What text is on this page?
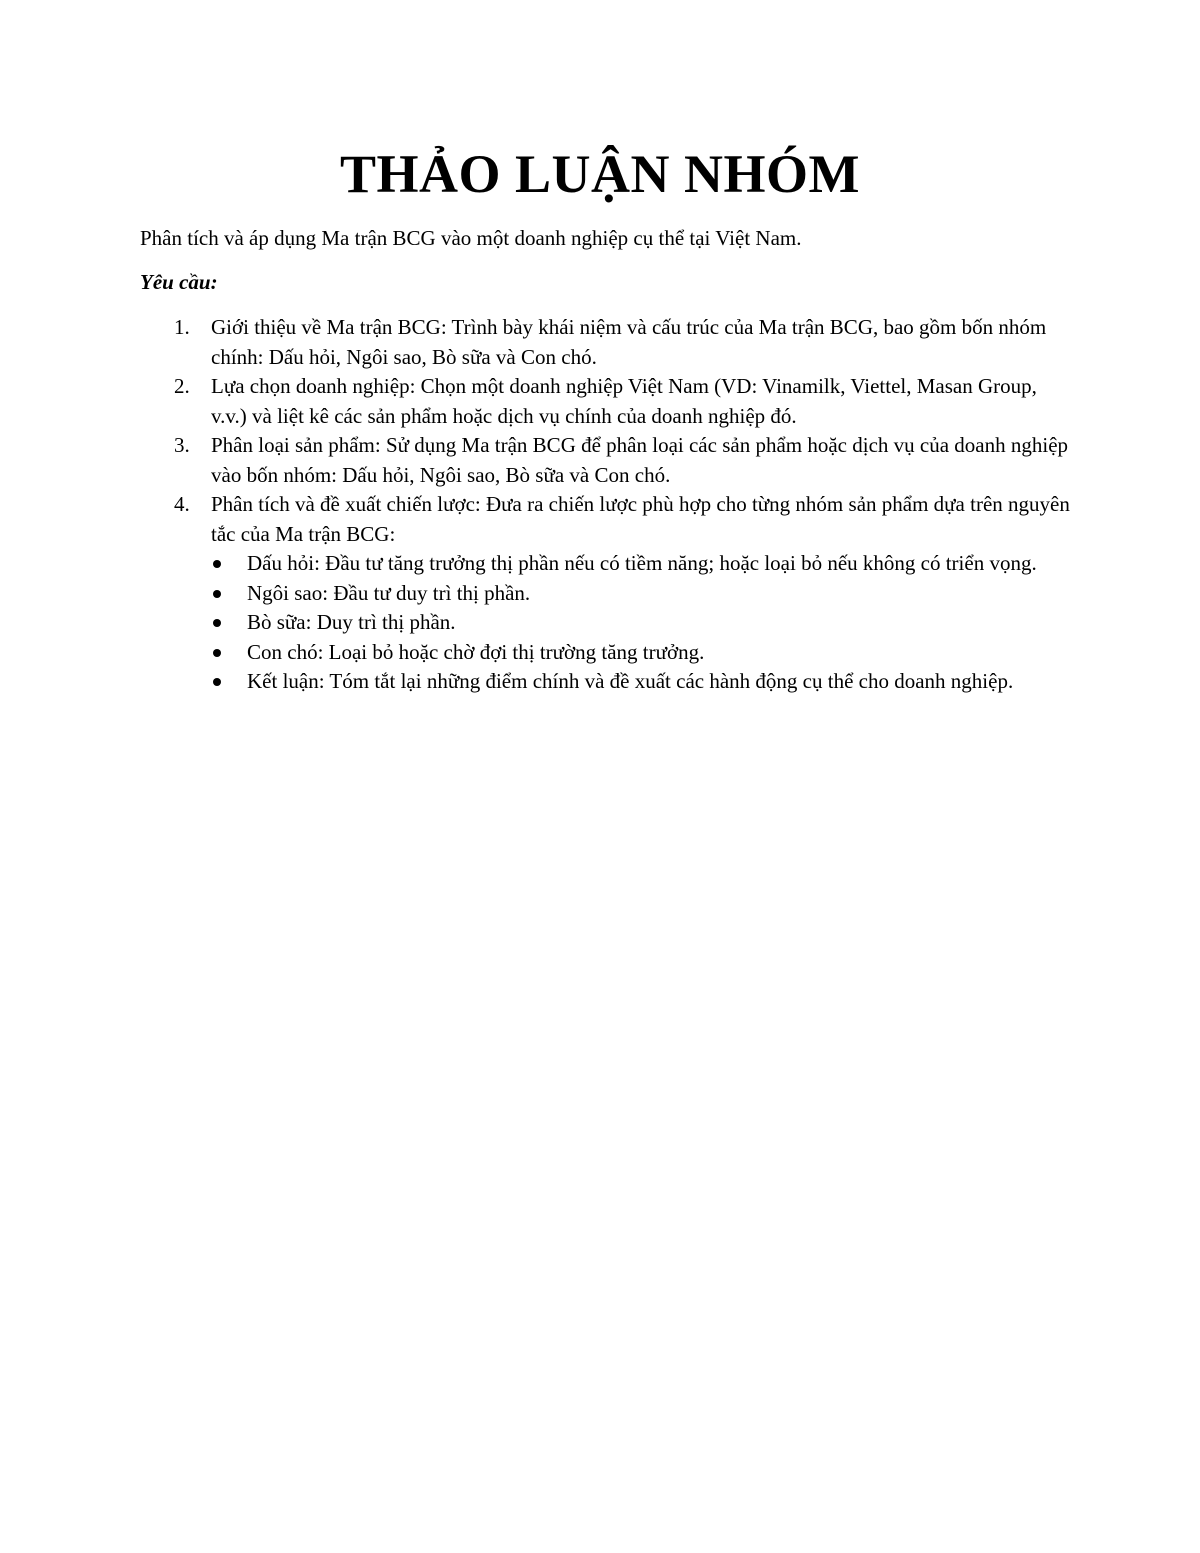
THẢO LUẬN NHÓM
Phân tích và áp dụng Ma trận BCG vào một doanh nghiệp cụ thể tại Việt Nam.
Yêu cầu:
1. Giới thiệu về Ma trận BCG: Trình bày khái niệm và cấu trúc của Ma trận BCG, bao gồm bốn nhóm chính: Dấu hỏi, Ngôi sao, Bò sữa và Con chó.
2. Lựa chọn doanh nghiệp: Chọn một doanh nghiệp Việt Nam (VD: Vinamilk, Viettel, Masan Group, v.v.) và liệt kê các sản phẩm hoặc dịch vụ chính của doanh nghiệp đó.
3. Phân loại sản phẩm: Sử dụng Ma trận BCG để phân loại các sản phẩm hoặc dịch vụ của doanh nghiệp vào bốn nhóm: Dấu hỏi, Ngôi sao, Bò sữa và Con chó.
4. Phân tích và đề xuất chiến lược: Đưa ra chiến lược phù hợp cho từng nhóm sản phẩm dựa trên nguyên tắc của Ma trận BCG:
Dấu hỏi: Đầu tư tăng trưởng thị phần nếu có tiềm năng; hoặc loại bỏ nếu không có triển vọng.
Ngôi sao: Đầu tư duy trì thị phần.
Bò sữa: Duy trì thị phần.
Con chó: Loại bỏ hoặc chờ đợi thị trường tăng trưởng.
Kết luận: Tóm tắt lại những điểm chính và đề xuất các hành động cụ thể cho doanh nghiệp.
